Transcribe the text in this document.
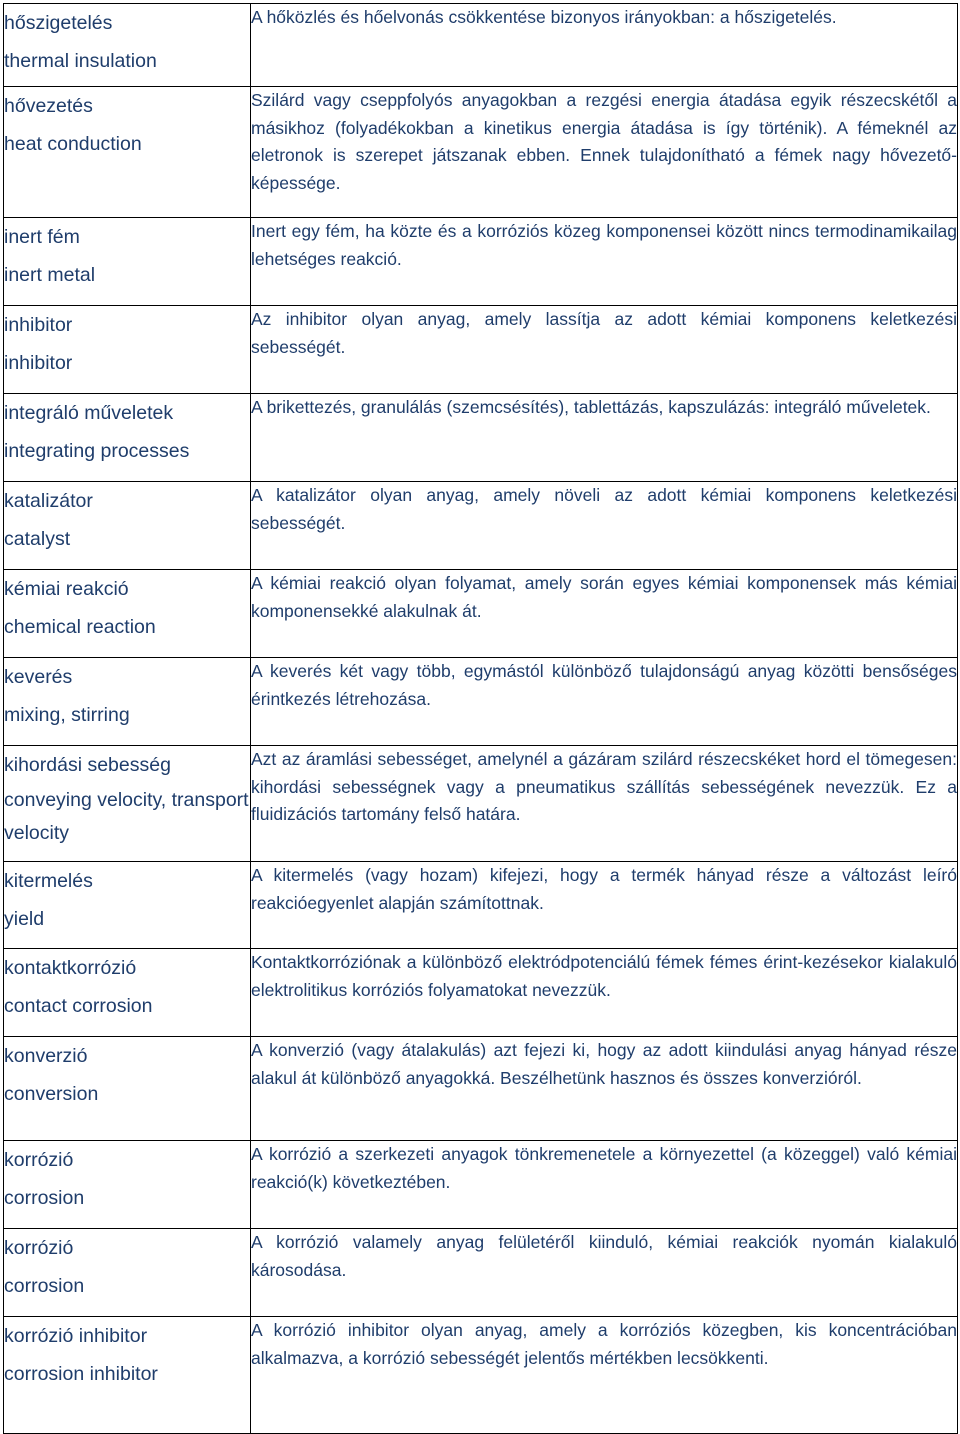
hőszigetelés
thermal insulation	A hőközlés és hőelvonás csökkentése bizonyos irányokban: a hőszigetelés.

hővezetés
heat conduction	Szilárd vagy cseppfolyós anyagokban a rezgési energia átadása egyik részecskétől a másikhoz (folyadékokban a kinetikus energia átadása is így történik). A fémeknél az eletronok is szerepet játszanak ebben. Ennek tulajdonítható a fémek nagy hővezető-képessége.

inert fém
inert metal	Inert egy fém, ha közte és a korróziós közeg komponensei között nincs termodinamikailag lehetséges reakció.

inhibitor
inhibitor	Az inhibitor olyan anyag, amely lassítja az adott kémiai komponens keletkezési sebességét.

integráló műveletek
integrating processes	A brikettezés, granulálás (szemcsésítés), tablettázás, kapszulázás: integráló műveletek.

katalizátor
catalyst	A katalizátor olyan anyag, amely növeli az adott kémiai komponens keletkezési sebességét.

kémiai reakció
chemical reaction	A kémiai reakció olyan folyamat, amely során egyes kémiai komponensek más kémiai komponensekké alakulnak át.

keverés
mixing, stirring	A keverés két vagy több, egymástól különböző tulajdonságú anyag közötti bensőséges érintkezés létrehozása.

kihordási sebesség
conveying velocity, transport velocity	Azt az áramlási sebességet, amelynél a gázáram szilárd részecskéket hord el tömegesen: kihordási sebességnek vagy a pneumatikus szállítás sebességének nevezzük. Ez a fluidizációs tartomány felső határa.

kitermelés
yield	A kitermelés (vagy hozam) kifejezi, hogy a termék hányad része a változást leíró reakcióegyenlet alapján számítottnak.

kontaktkorrózió
contact corrosion	Kontaktkorróziónak a különböző elektródpotenciálú fémek fémes érint-kezésekor kialakuló elektrolitikus korróziós folyamatokat nevezzük.

konverzió
conversion	A konverzió (vagy átalakulás) azt fejezi ki, hogy az adott kiindulási anyag hányad része alakul át különböző anyagokká. Beszélhetünk hasznos és összes konverzióról.

korrózió
corrosion	A korrózió a szerkezeti anyagok tönkremenetele a környezettel (a közeggel) való kémiai reakció(k) következtében.

korrózió
corrosion	A korrózió valamely anyag felületéről kiinduló, kémiai reakciók nyomán kialakuló károsodása.

korrózió inhibitor
corrosion inhibitor	A korrózió inhibitor olyan anyag, amely a korróziós közegben, kis koncentrációban alkalmazva, a korrózió sebességét jelentős mértékben lecsökkenti.
